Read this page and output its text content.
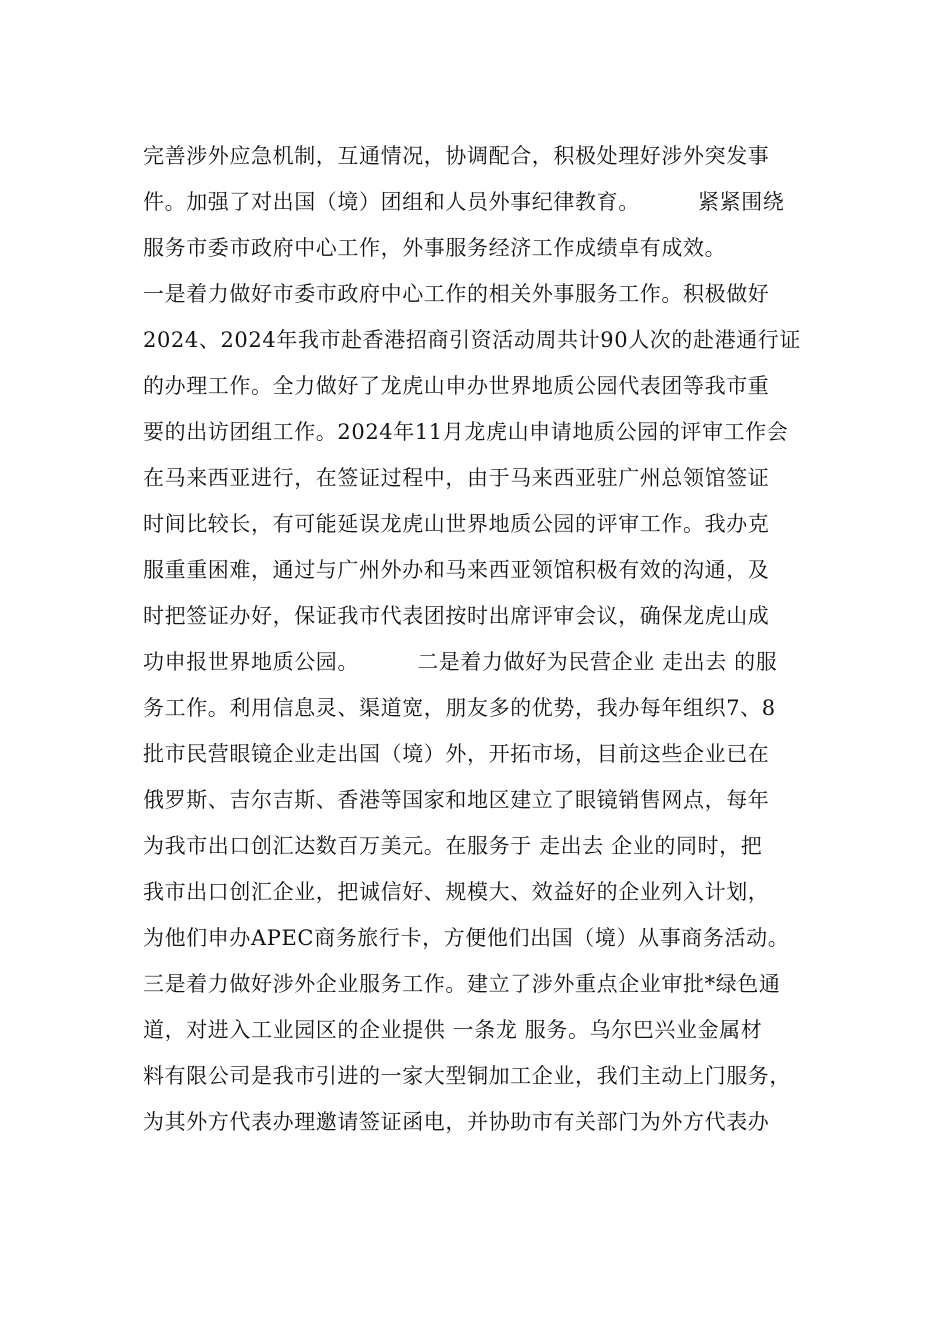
完善涉外应急机制，互通情况，协调配合，积极处理好涉外突发事
件。加强了对出国（境）团组和人员外事纪律教育。        紧紧围绕
服务市委市政府中心工作，外事服务经济工作成绩卓有成效。
一是着力做好市委市政府中心工作的相关外事服务工作。积极做好
2024、2024年我市赴香港招商引资活动周共计90人次的赴港通行证
的办理工作。全力做好了龙虎山申办世界地质公园代表团等我市重
要的出访团组工作。2024年11月龙虎山申请地质公园的评审工作会
在马来西亚进行，在签证过程中，由于马来西亚驻广州总领馆签证
时间比较长，有可能延误龙虎山世界地质公园的评审工作。我办克
服重重困难，通过与广州外办和马来西亚领馆积极有效的沟通，及
时把签证办好，保证我市代表团按时出席评审会议，确保龙虎山成
功申报世界地质公园。        二是着力做好为民营企业 走出去 的服
务工作。利用信息灵、渠道宽，朋友多的优势，我办每年组织7、8
批市民营眼镜企业走出国（境）外，开拓市场，目前这些企业已在
俄罗斯、吉尔吉斯、香港等国家和地区建立了眼镜销售网点，每年
为我市出口创汇达数百万美元。在服务于 走出去 企业的同时，把
我市出口创汇企业，把诚信好、规模大、效益好的企业列入计划，
为他们申办APEC商务旅行卡，方便他们出国（境）从事商务活动。
三是着力做好涉外企业服务工作。建立了涉外重点企业审批*绿色通
道，对进入工业园区的企业提供 一条龙 服务。乌尔巴兴业金属材
料有限公司是我市引进的一家大型铜加工企业，我们主动上门服务，
为其外方代表办理邀请签证函电，并协助市有关部门为外方代表办
